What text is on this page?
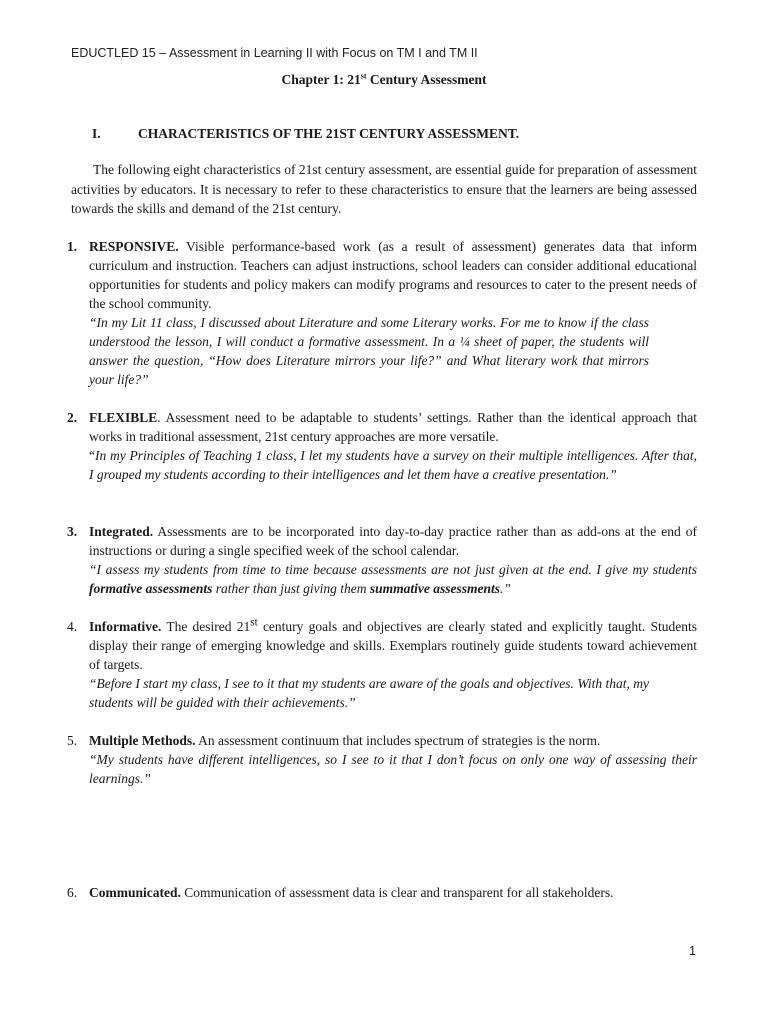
EDUCTLED 15 – Assessment in Learning II with Focus on TM I and TM II
Chapter 1: 21st Century Assessment
I.	CHARACTERISTICS OF THE 21ST CENTURY ASSESSMENT.

The following eight characteristics of 21st century assessment, are essential guide for preparation of assessment activities by educators. It is necessary to refer to these characteristics to ensure that the learners are being assessed towards the skills and demand of the 21st century.

1. RESPONSIVE. Visible performance-based work (as a result of assessment) generates data that inform curriculum and instruction. Teachers can adjust instructions, school leaders can consider additional educational opportunities for students and policy makers can modify programs and resources to cater to the present needs of the school community.

“In my Lit 11 class, I discussed about Literature and some Literary works. For me to know if the class understood the lesson, I will conduct a formative assessment. In a ¼ sheet of paper, the students will answer the question, “How does Literature mirrors your life?” and What literary work that mirrors your life?”

2. FLEXIBLE. Assessment need to be adaptable to students’ settings. Rather than the identical approach that works in traditional assessment, 21st century approaches are more versatile.

“In my Principles of Teaching 1 class, I let my students have a survey on their multiple intelligences. After that, I grouped my students according to their intelligences and let them have a creative presentation.”

3. Integrated. Assessments are to be incorporated into day-to-day practice rather than as add-ons at the end of instructions or during a single specified week of the school calendar.

“I assess my students from time to time because assessments are not just given at the end. I give my students formative assessments rather than just giving them summative assessments.”

4. Informative. The desired 21st century goals and objectives are clearly stated and explicitly taught. Students display their range of emerging knowledge and skills. Exemplars routinely guide students toward achievement of targets.

“Before I start my class, I see to it that my students are aware of the goals and objectives. With that, my students will be guided with their achievements.”

5. Multiple Methods. An assessment continuum that includes spectrum of strategies is the norm.

“My students have different intelligences, so I see to it that I don’t focus on only one way of assessing their learnings.”

6. Communicated. Communication of assessment data is clear and transparent for all stakeholders.

1
